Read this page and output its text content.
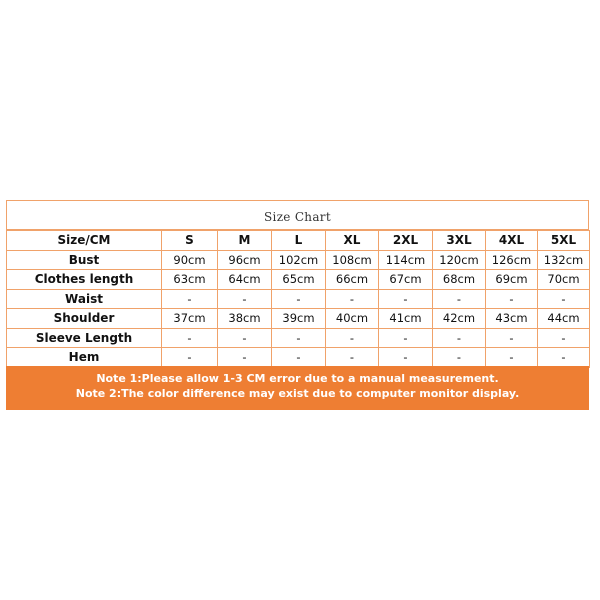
Size Chart
Size/CM	S	M	L	XL	2XL	3XL	4XL	5XL
Bust	90cm	96cm	102cm	108cm	114cm	120cm	126cm	132cm
Clothes length	63cm	64cm	65cm	66cm	67cm	68cm	69cm	70cm
Waist	-	-	-	-	-	-	-	-
Shoulder	37cm	38cm	39cm	40cm	41cm	42cm	43cm	44cm
Sleeve Length	-	-	-	-	-	-	-	-
Hem	-	-	-	-	-	-	-	-
Note 1:Please allow 1-3 CM error due to a manual measurement.
Note 2:The color difference may exist due to computer monitor display.
